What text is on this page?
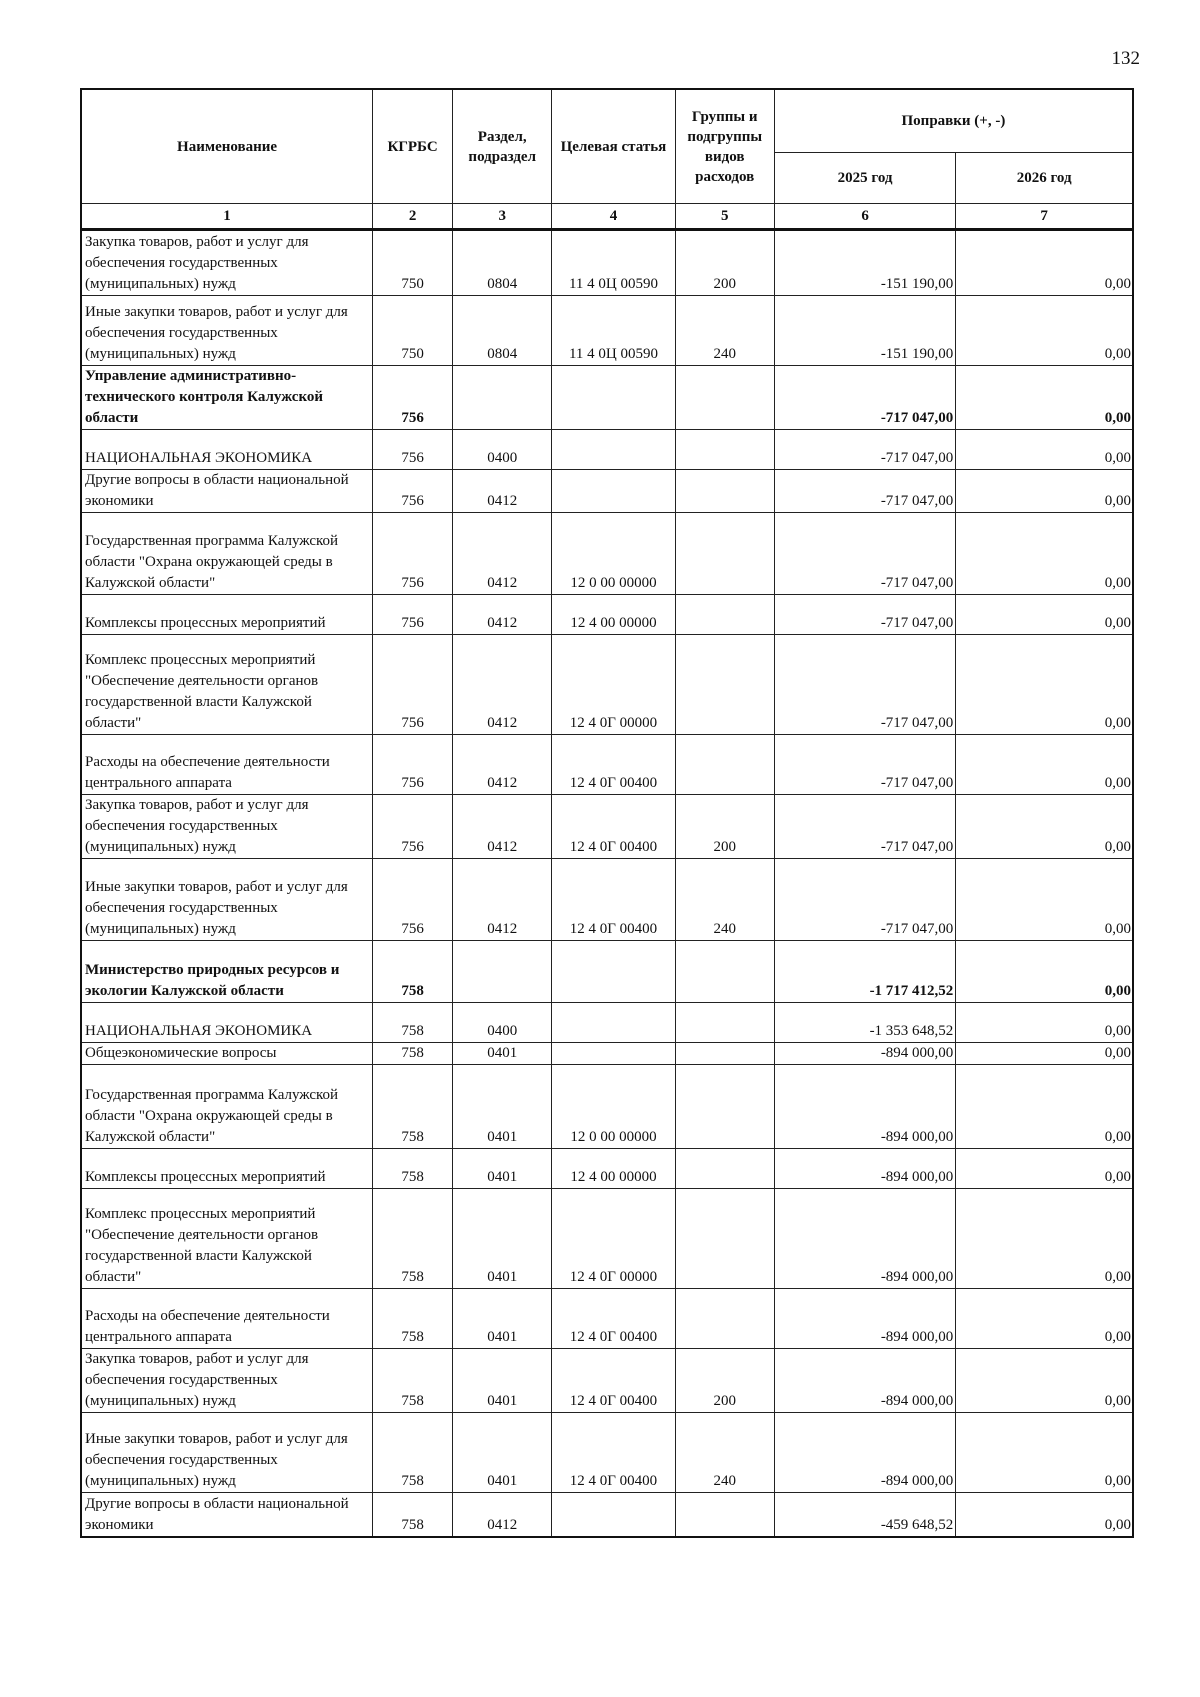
132
Наименование	КГРБС	Раздел, подраздел	Целевая статья	Группы и подгруппы видов расходов	Поправки (+, -)	
					2025 год	2026 год
1	2	3	4	5	6	7
Закупка товаров, работ и услуг для обеспечения государственных (муниципальных) нужд	750	0804	11 4 0Ц 00590	200	-151 190,00	0,00
Иные закупки товаров, работ и услуг для обеспечения государственных (муниципальных) нужд	750	0804	11 4 0Ц 00590	240	-151 190,00	0,00
Управление административно-технического контроля Калужской области	756				-717 047,00	0,00
НАЦИОНАЛЬНАЯ ЭКОНОМИКА	756	0400			-717 047,00	0,00
Другие вопросы в области национальной экономики	756	0412			-717 047,00	0,00
Государственная программа Калужской области "Охрана окружающей среды в Калужской области"	756	0412	12 0 00 00000		-717 047,00	0,00
Комплексы процессных мероприятий	756	0412	12 4 00 00000		-717 047,00	0,00
Комплекс процессных мероприятий "Обеспечение деятельности органов государственной власти Калужской области"	756	0412	12 4 0Г 00000		-717 047,00	0,00
Расходы на обеспечение деятельности центрального аппарата	756	0412	12 4 0Г 00400		-717 047,00	0,00
Закупка товаров, работ и услуг для обеспечения государственных (муниципальных) нужд	756	0412	12 4 0Г 00400	200	-717 047,00	0,00
Иные закупки товаров, работ и услуг для обеспечения государственных (муниципальных) нужд	756	0412	12 4 0Г 00400	240	-717 047,00	0,00
Министерство природных ресурсов и экологии Калужской области	758				-1 717 412,52	0,00
НАЦИОНАЛЬНАЯ ЭКОНОМИКА	758	0400			-1 353 648,52	0,00
Общеэкономические вопросы	758	0401			-894 000,00	0,00
Государственная программа Калужской области "Охрана окружающей среды в Калужской области"	758	0401	12 0 00 00000		-894 000,00	0,00
Комплексы процессных мероприятий	758	0401	12 4 00 00000		-894 000,00	0,00
Комплекс процессных мероприятий "Обеспечение деятельности органов государственной власти Калужской области"	758	0401	12 4 0Г 00000		-894 000,00	0,00
Расходы на обеспечение деятельности центрального аппарата	758	0401	12 4 0Г 00400		-894 000,00	0,00
Закупка товаров, работ и услуг для обеспечения государственных (муниципальных) нужд	758	0401	12 4 0Г 00400	200	-894 000,00	0,00
Иные закупки товаров, работ и услуг для обеспечения государственных (муниципальных) нужд	758	0401	12 4 0Г 00400	240	-894 000,00	0,00
Другие вопросы в области национальной экономики	758	0412			-459 648,52	0,00
